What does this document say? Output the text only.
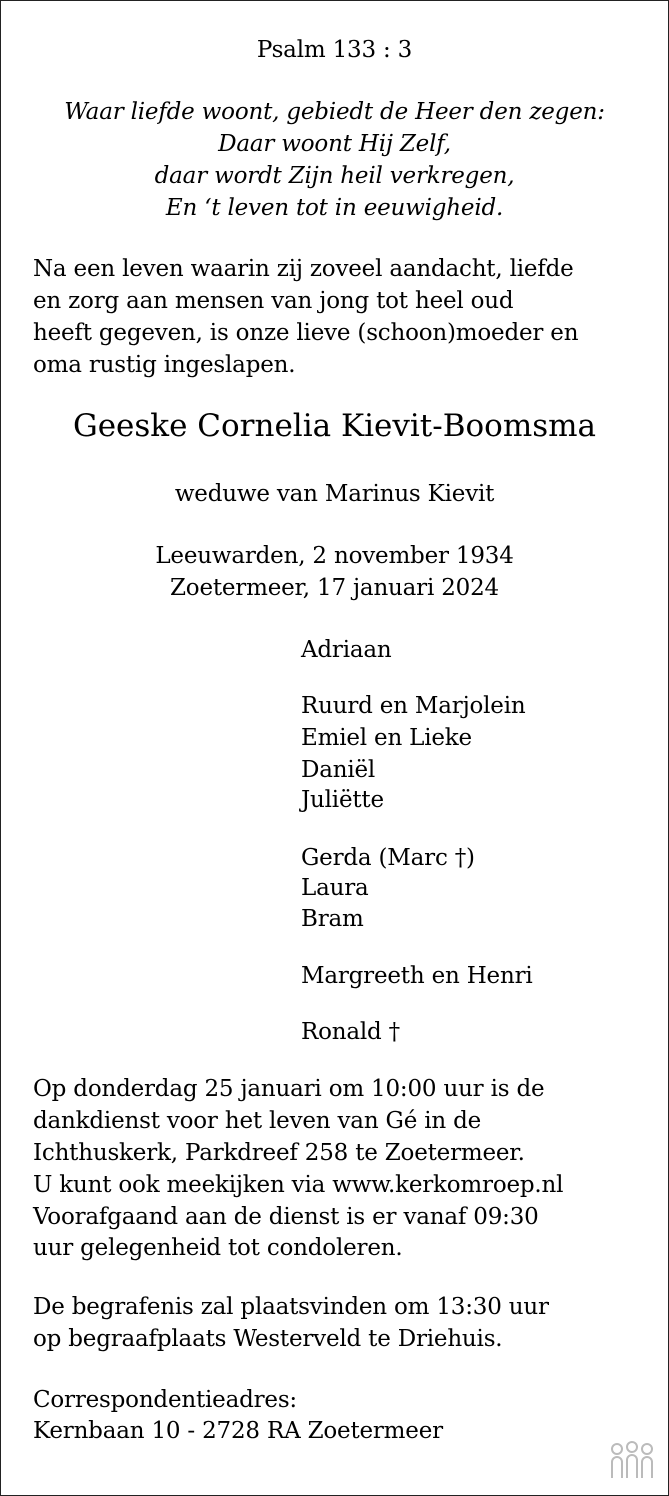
Psalm 133 : 3
Waar liefde woont, gebiedt de Heer den zegen:
Daar woont Hij Zelf,
daar wordt Zijn heil verkregen,
En ‘t leven tot in eeuwigheid.
Na een leven waarin zij zoveel aandacht, liefde
en zorg aan mensen van jong tot heel oud
heeft gegeven, is onze lieve (schoon)moeder en
oma rustig ingeslapen.
Geeske Cornelia Kievit-Boomsma
weduwe van Marinus Kievit
Leeuwarden, 2 november 1934
Zoetermeer, 17 januari 2024
Adriaan
Ruurd en Marjolein
Emiel en Lieke
Daniël
Juliëtte
Gerda (Marc †)
Laura
Bram
Margreeth en Henri
Ronald †
Op donderdag 25 januari om 10:00 uur is de
dankdienst voor het leven van Gé in de
Ichthuskerk, Parkdreef 258 te Zoetermeer.
U kunt ook meekijken via www.kerkomroep.nl
Voorafgaand aan de dienst is er vanaf 09:30
uur gelegenheid tot condoleren.
De begrafenis zal plaatsvinden om 13:30 uur
op begraafplaats Westerveld te Driehuis.
Correspondentieadres:
Kernbaan 10 - 2728 RA Zoetermeer
